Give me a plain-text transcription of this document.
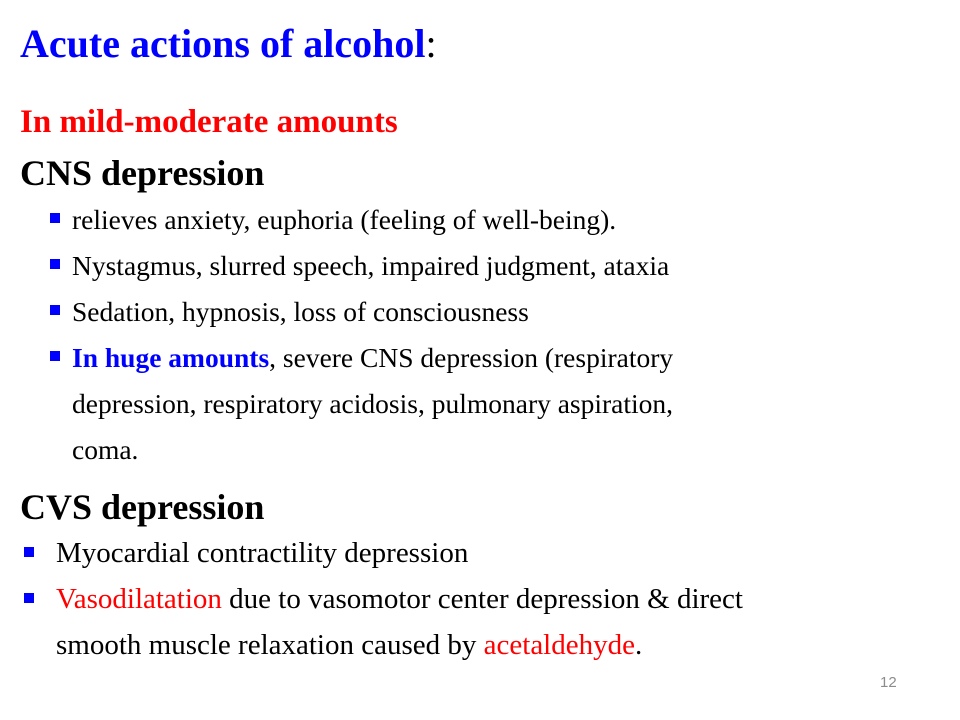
Acute actions of alcohol:
In mild-moderate amounts
CNS depression
relieves anxiety, euphoria (feeling of well-being).
Nystagmus, slurred speech, impaired judgment, ataxia
Sedation, hypnosis, loss of consciousness
In huge amounts, severe CNS depression (respiratory
depression, respiratory acidosis, pulmonary aspiration,
coma.
CVS depression
Myocardial contractility depression
Vasodilatation due to vasomotor center depression & direct
smooth muscle relaxation caused by acetaldehyde.
12
